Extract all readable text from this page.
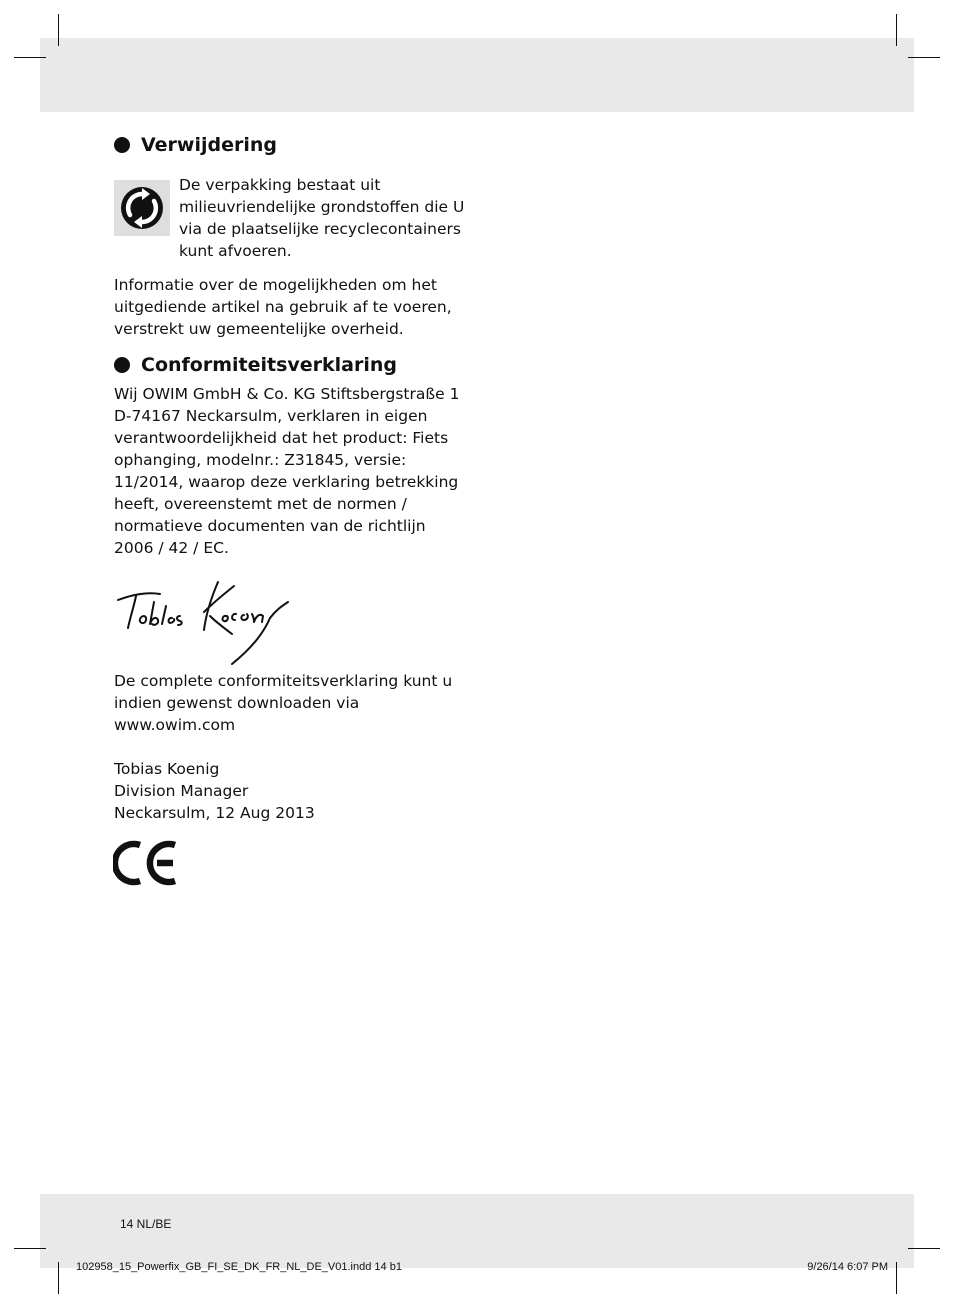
Verwijdering
De verpakking bestaat uit
milieuvriendelijke grondstoffen die U
via de plaatselijke recyclecontainers
kunt afvoeren.
Informatie over de mogelijkheden om het
uitgediende artikel na gebruik af te voeren,
verstrekt uw gemeentelijke overheid.
Conformiteitsverklaring
Wij OWIM GmbH & Co. KG Stiftsbergstraße 1
D-74167 Neckarsulm, verklaren in eigen
verantwoordelijkheid dat het product: Fiets
ophanging, modelnr.: Z31845, versie:
11/2014, waarop deze verklaring betrekking
heeft, overeenstemt met de normen /
normatieve documenten van de richtlijn
2006 / 42 / EC.
De complete conformiteitsverklaring kunt u
indien gewenst downloaden via
www.owim.com
Tobias Koenig
Division Manager
Neckarsulm, 12 Aug 2013
14 NL/BE
102958_15_Powerfix_GB_FI_SE_DK_FR_NL_DE_V01.indd 14 b1	9/26/14 6:07 PM
